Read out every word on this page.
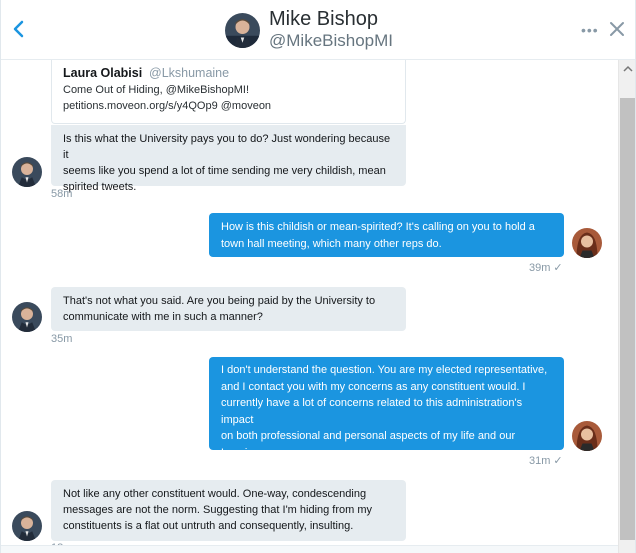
Mike Bishop
@MikeBishopMI
•••
Laura Olabisi @Lkshumaine
Come Out of Hiding, @MikeBishopMI!
petitions.moveon.org/s/y4QOp9 @moveon
Is this what the University pays you to do? Just wondering because it
seems like you spend a lot of time sending me very childish, mean
spirited tweets.
58m
How is this childish or mean-spirited? It's calling on you to hold a
town hall meeting, which many other reps do.
39m ✓
That's not what you said. Are you being paid by the University to
communicate with me in such a manner?
35m
I don't understand the question. You are my elected representative,
and I contact you with my concerns as any constituent would. I
currently have a lot of concerns related to this administration's impact
on both professional and personal aspects of my life and our Lansing
community.
31m ✓
Not like any other constituent would. One-way, condescending
messages are not the norm. Suggesting that I'm hiding from my
constituents is a flat out untruth and consequently, insulting.
